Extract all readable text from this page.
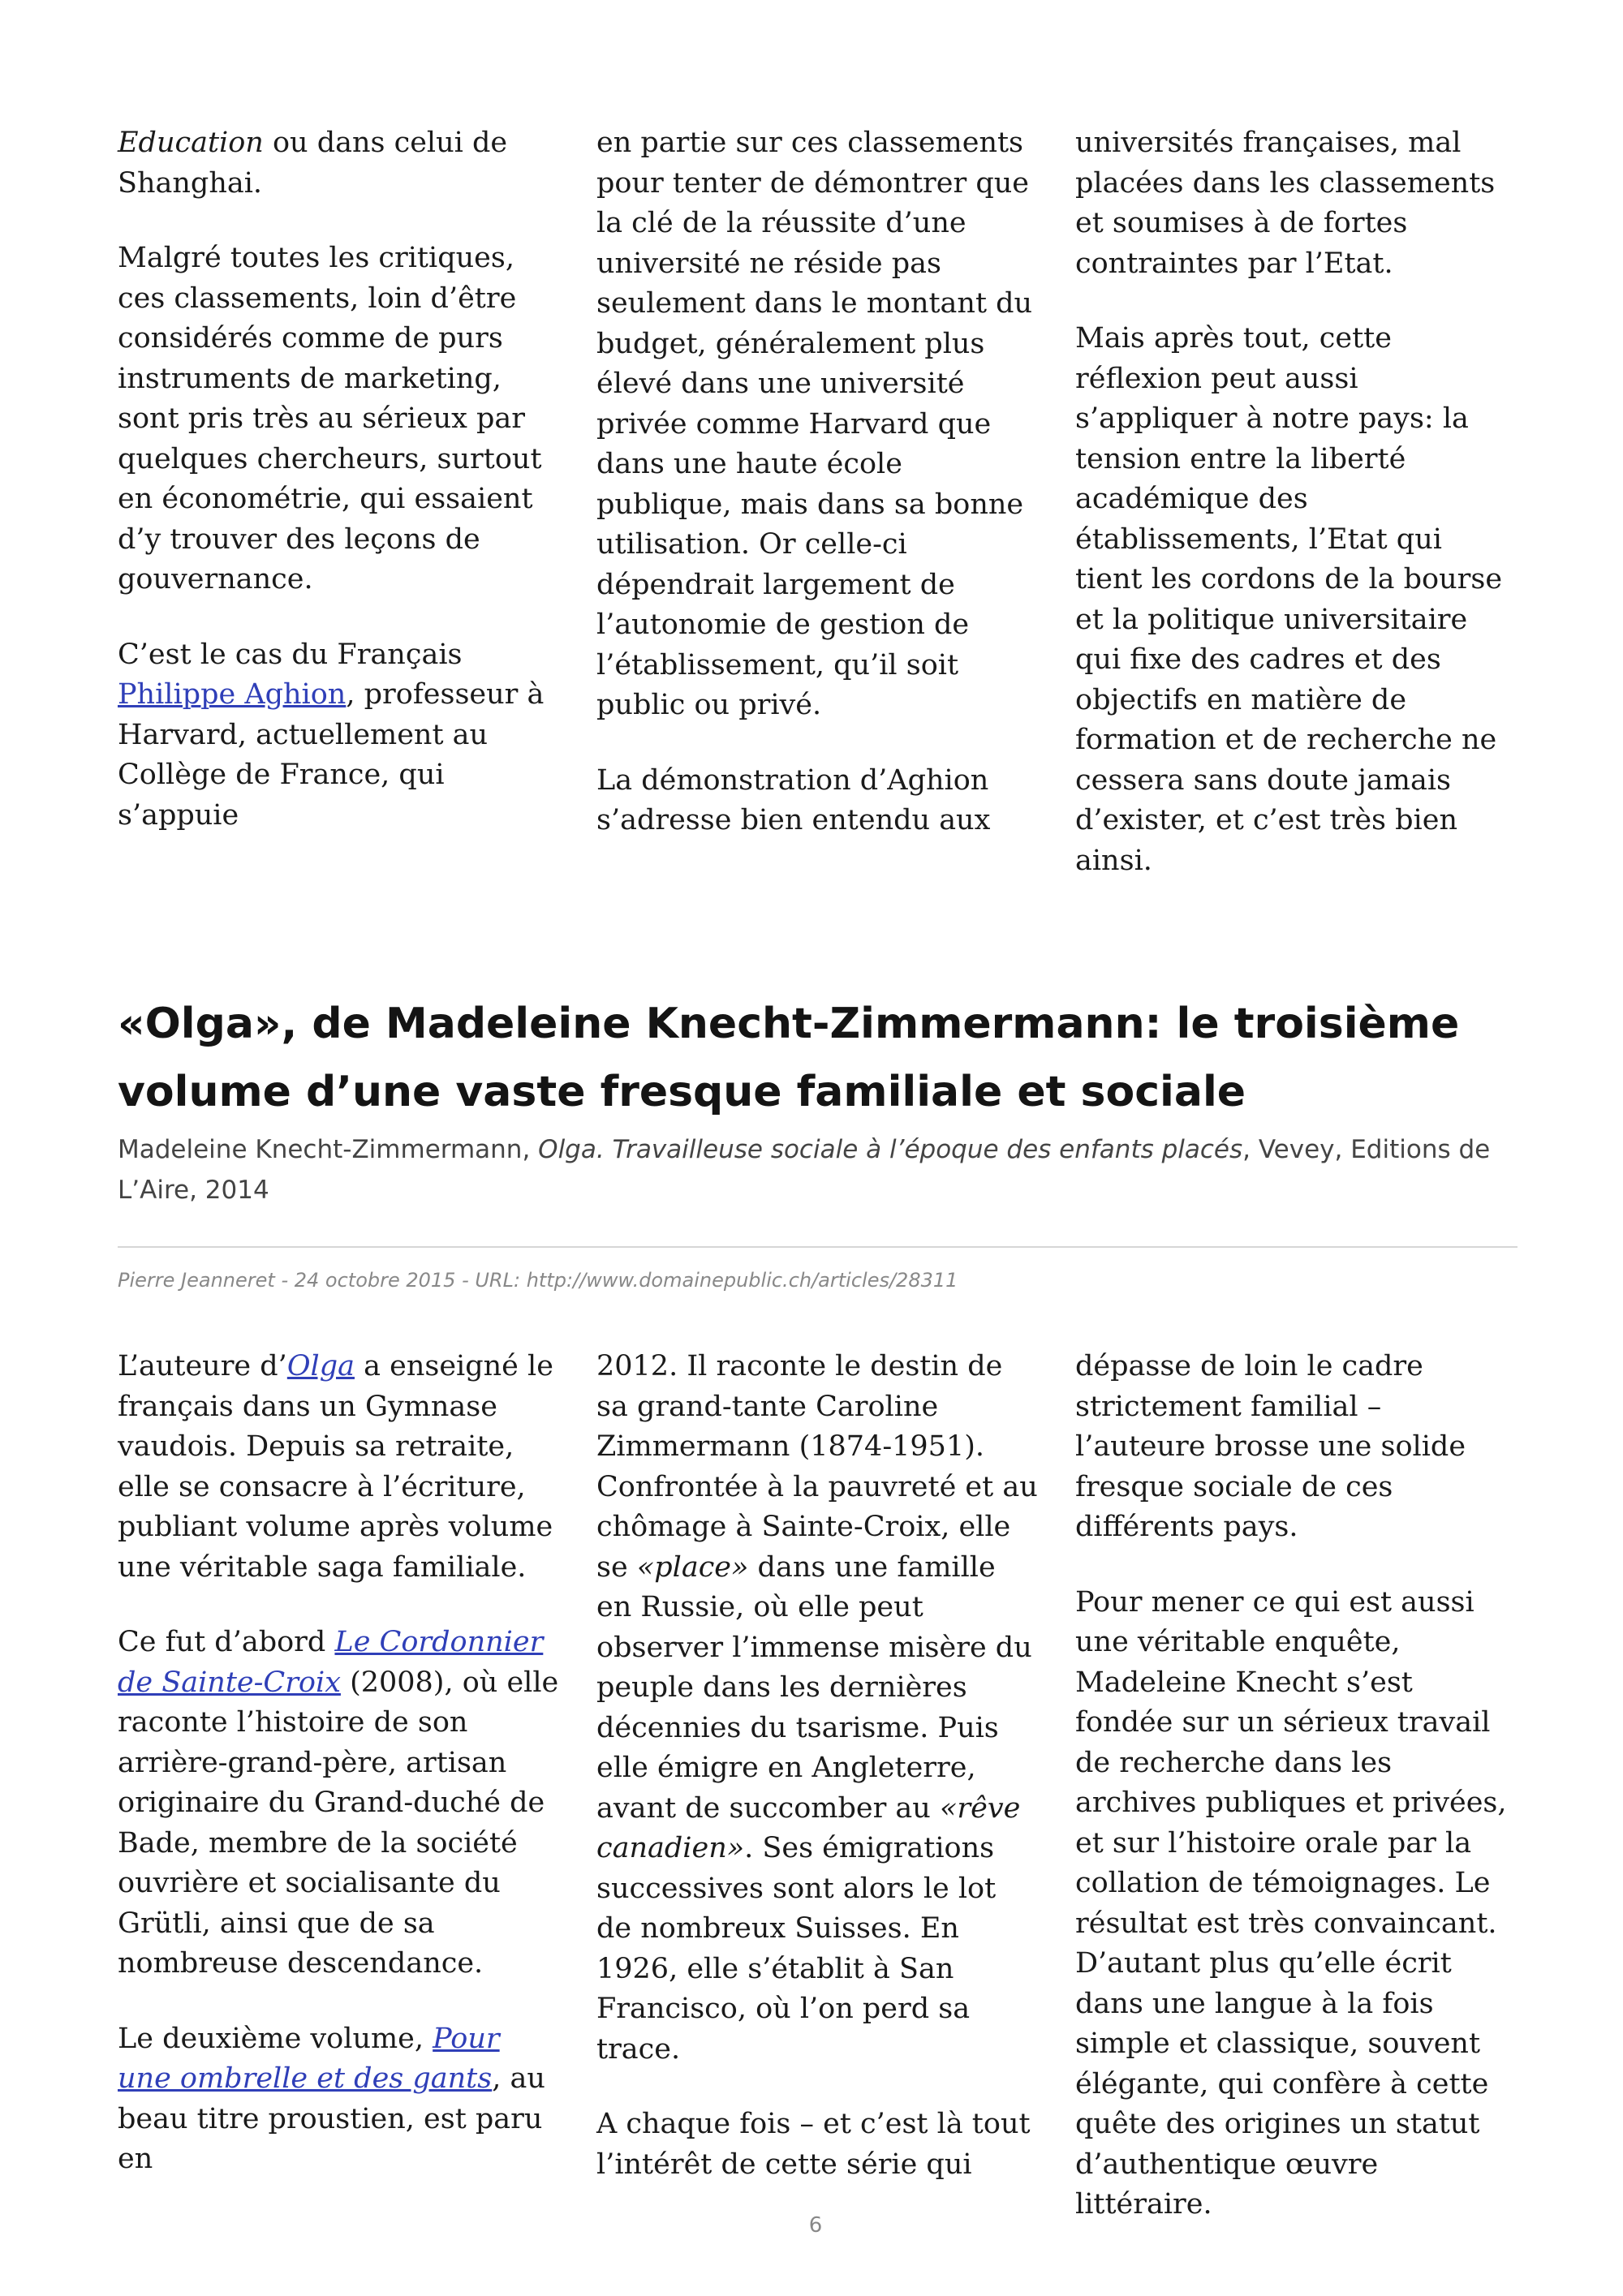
Education ou dans celui de Shanghai.

Malgré toutes les critiques, ces classements, loin d’être considérés comme de purs instruments de marketing, sont pris très au sérieux par quelques chercheurs, surtout en économétrie, qui essaient d’y trouver des leçons de gouvernance.

C’est le cas du Français Philippe Aghion, professeur à Harvard, actuellement au Collège de France, qui s’appuie

en partie sur ces classements pour tenter de démontrer que la clé de la réussite d’une université ne réside pas seulement dans le montant du budget, généralement plus élevé dans une université privée comme Harvard que dans une haute école publique, mais dans sa bonne utilisation. Or celle-ci dépendrait largement de l’autonomie de gestion de l’établissement, qu’il soit public ou privé.

La démonstration d’Aghion s’adresse bien entendu aux

universités françaises, mal placées dans les classements et soumises à de fortes contraintes par l’Etat.

Mais après tout, cette réflexion peut aussi s’appliquer à notre pays: la tension entre la liberté académique des établissements, l’Etat qui tient les cordons de la bourse et la politique universitaire qui fixe des cadres et des objectifs en matière de formation et de recherche ne cessera sans doute jamais d’exister, et c’est très bien ainsi.

«Olga», de Madeleine Knecht-Zimmermann: le troisième volume d’une vaste fresque familiale et sociale

Madeleine Knecht-Zimmermann, Olga. Travailleuse sociale à l’époque des enfants placés, Vevey, Editions de L’Aire, 2014

Pierre Jeanneret - 24 octobre 2015 - URL: http://www.domainepublic.ch/articles/28311

L’auteure d’Olga a enseigné le français dans un Gymnase vaudois. Depuis sa retraite, elle se consacre à l’écriture, publiant volume après volume une véritable saga familiale.

Ce fut d’abord Le Cordonnier de Sainte-Croix (2008), où elle raconte l’histoire de son arrière-grand-père, artisan originaire du Grand-duché de Bade, membre de la société ouvrière et socialisante du Grütli, ainsi que de sa nombreuse descendance.

Le deuxième volume, Pour une ombrelle et des gants, au beau titre proustien, est paru en

2012. Il raconte le destin de sa grand-tante Caroline Zimmermann (1874-1951). Confrontée à la pauvreté et au chômage à Sainte-Croix, elle se «place» dans une famille en Russie, où elle peut observer l’immense misère du peuple dans les dernières décennies du tsarisme. Puis elle émigre en Angleterre, avant de succomber au «rêve canadien». Ses émigrations successives sont alors le lot de nombreux Suisses. En 1926, elle s’établit à San Francisco, où l’on perd sa trace.

A chaque fois – et c’est là tout l’intérêt de cette série qui

dépasse de loin le cadre strictement familial – l’auteure brosse une solide fresque sociale de ces différents pays.

Pour mener ce qui est aussi une véritable enquête, Madeleine Knecht s’est fondée sur un sérieux travail de recherche dans les archives publiques et privées, et sur l’histoire orale par la collation de témoignages. Le résultat est très convaincant. D’autant plus qu’elle écrit dans une langue à la fois simple et classique, souvent élégante, qui confère à cette quête des origines un statut d’authentique œuvre littéraire.

6
